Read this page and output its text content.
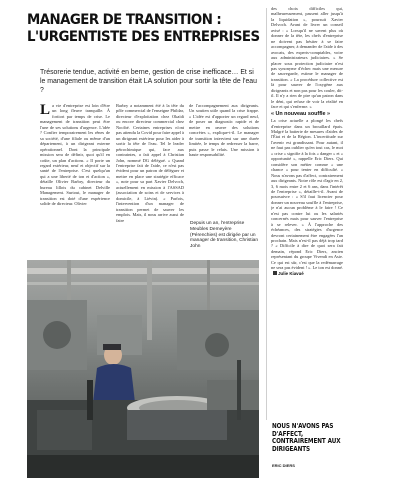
MANAGER DE TRANSITION :
L'URGENTISTE DES ENTREPRISES
Trésorerie tendue, activité en berne, gestion de crise inefficace… Et si le management de transition était LA solution pour sortir la tête de l'eau ?
L a vie d'entreprise est loin d'être un long fleuve tranquille. À fortiori par temps de crise. Le management de transition peut être l'une de ses solutions d'urgence. L'idée ? Confier temporairement les rênes de sa société, d'une filiale ou même d'un département, à un dirigeant externe opérationnel. Dont la principale mission sera de définir, quoi qu'il en coûte, un plan d'actions. « Il porte un regard extérieur, neuf et objectif sur la santé de l'entreprise. C'est quelqu'un qui a une liberté de ton et d'action », détaille Olivier Barbry, directeur du bureau lillois du cabinet Delville Management. Surtout, le manager de transition est doté d'une expérience solide de directeur. Olivier
Barbry a notamment été à la tête du pôle commercial de l'enseigne Phildar, directeur d'exploitation chez Okaïdi ou encore directeur commercial chez Nocibé. Certaines entreprises n'ont pas attendu la Covid pour faire appel à un dirigeant extérieur pour les aider à sortir la tête de l'eau. Tel le leader pétrochimique qui, face aux contraintes, a fait appel à Christian John, nommé DG délégué. « Quand l'entreprise fait de l'aide, ce n'est pas évident pour un patron de déléguer et mettre en place une stratégie efficace », note pour sa part Xavier Delvoch, actuellement en mission à l'ASSAD (association de soins et de services à domicile, à Liévin). « Parfois, l'intervention d'un manager de transition permet de sauver les emplois. Mais, il nous arrive aussi de faire
de l'accompagnement aux dirigeants. Un soutien utile quand la crise frappe. « L'idée est d'apporter un regard neuf, de poser un diagnostic rapide et de mettre en œuvre des solutions concrètes », explique-t-il. Le manager de transition intervient sur une durée limitée, le temps de redresser la barre, puis passe le relais. Une mission à haute responsabilité.
Depuis un an, l'entreprise Meubles Demeyère (Pérenchies) est dirigée par un manager de transition, Christian John

des choix difficiles qui, malheureusement, passent aller jusqu'à la liquidation », poursuit Xavier Delvoch. Avant de livrer un conseil avisé : « Lorsqu'il ne savent plus où donner de la tête, les chefs d'entreprise ne doivent pas hésiter à se faire accompagner, à demander de l'aide à des avocats, des experts-comptables, voire aux administrateurs judiciaires. » Se placer sous protection judiciaire n'est pas synonyme d'échec mais une mesure de sauvegarde, estime le manager de transition. « La procédure collective est là pour sauver de l'oxygène aux dirigeants et non pas pour les couler, dit-il. Il n'y a rien de pire qu'un patron dans le déni, qui refuse de voir la réalité en face et qui s'enferme. »

« Un nouveau souffle »

La crise actuelle a plongé les chefs d'entreprise dans un brouillard épais. Malgré la batterie de mesures d'aides de l'État et de la Région. L'incertitude sur l'avenir est grandissant. Pour autant, il ne faut pas oublier qu'en tout cas, le mot « crise » signifie à la fois « danger » et « opportunité », rappelle Eric Diers. Qui considère son métier comme « une chance » pour tenter en difficulté. « Nous n'avons pas d'affect, contrairement aux dirigeants. Notre rôle est d'agir en 2, 3, 6 mois entre 2 et 6 ans, dans l'intérêt de l'entreprise », détaille-t-il. Avant de poursuivre : « S'il faut licencier pour donner un nouveau souffle à l'entreprise, je n'ai aucun problème à le faire ! Ce n'est pas contre lui ou les salariés concernés mais pour sauver l'entreprise à se relever. » À l'approche des échéances, des stratégies d'urgence devront certainement être engagées l'an prochain. Mais n'est-il pas déjà trop tard ? « Difficile à dire de quoi sera fait demain, répond Eric Diers, ancien représentant du groupe Vivendi en Asie. Ce qui est sûr, c'est que la redémarrage ne sera pas évident ! ». Le ton est donné.  Julie Kiavué

NOUS N'AVONS PAS D'AFFECT, CONTRAIREMENT AUX DIRIGEANTS
ERIC DIERS
